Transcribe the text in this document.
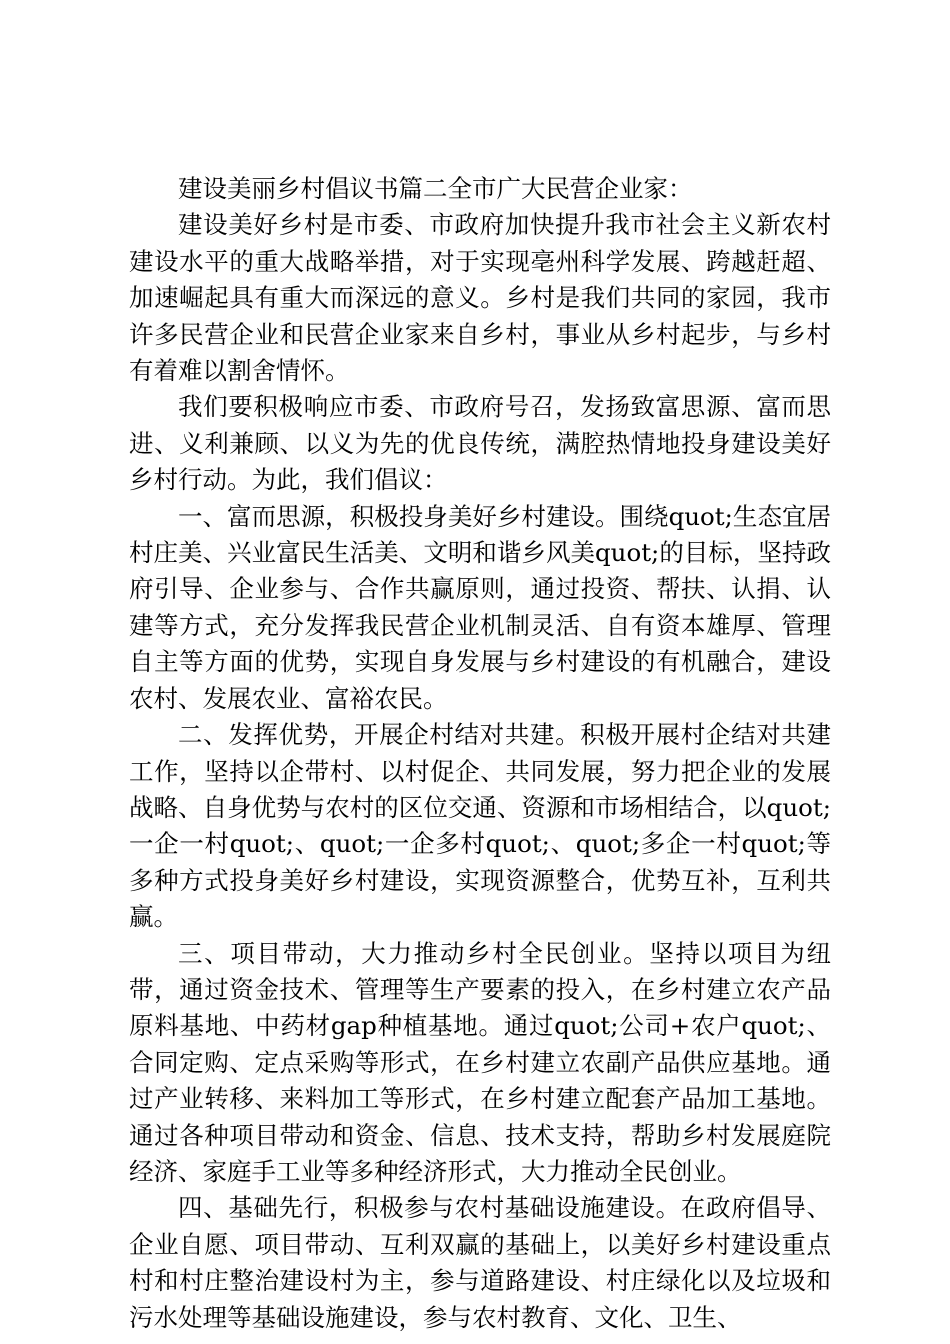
建设美丽乡村倡议书篇二全市广大民营企业家：

建设美好乡村是市委、市政府加快提升我市社会主义新农村建设水平的重大战略举措，对于实现亳州科学发展、跨越赶超、加速崛起具有重大而深远的意义。乡村是我们共同的家园，我市许多民营企业和民营企业家来自乡村，事业从乡村起步，与乡村有着难以割舍情怀。

我们要积极响应市委、市政府号召，发扬致富思源、富而思进、义利兼顾、以义为先的优良传统，满腔热情地投身建设美好乡村行动。为此，我们倡议：

一、富而思源，积极投身美好乡村建设。围绕quot;生态宜居村庄美、兴业富民生活美、文明和谐乡风美quot;的目标，坚持政府引导、企业参与、合作共赢原则，通过投资、帮扶、认捐、认建等方式，充分发挥我民营企业机制灵活、自有资本雄厚、管理自主等方面的优势，实现自身发展与乡村建设的有机融合，建设农村、发展农业、富裕农民。

二、发挥优势，开展企村结对共建。积极开展村企结对共建工作，坚持以企带村、以村促企、共同发展，努力把企业的发展战略、自身优势与农村的区位交通、资源和市场相结合，以quot;一企一村quot;、quot;一企多村quot;、quot;多企一村quot;等多种方式投身美好乡村建设，实现资源整合，优势互补，互利共赢。

三、项目带动，大力推动乡村全民创业。坚持以项目为纽带，通过资金技术、管理等生产要素的投入，在乡村建立农产品原料基地、中药材gap种植基地。通过quot;公司+农户quot;、合同定购、定点采购等形式，在乡村建立农副产品供应基地。通过产业转移、来料加工等形式，在乡村建立配套产品加工基地。通过各种项目带动和资金、信息、技术支持，帮助乡村发展庭院经济、家庭手工业等多种经济形式，大力推动全民创业。

四、基础先行，积极参与农村基础设施建设。在政府倡导、企业自愿、项目带动、互利双赢的基础上，以美好乡村建设重点村和村庄整治建设村为主，参与道路建设、村庄绿化以及垃圾和污水处理等基础设施建设，参与农村教育、文化、卫生、
